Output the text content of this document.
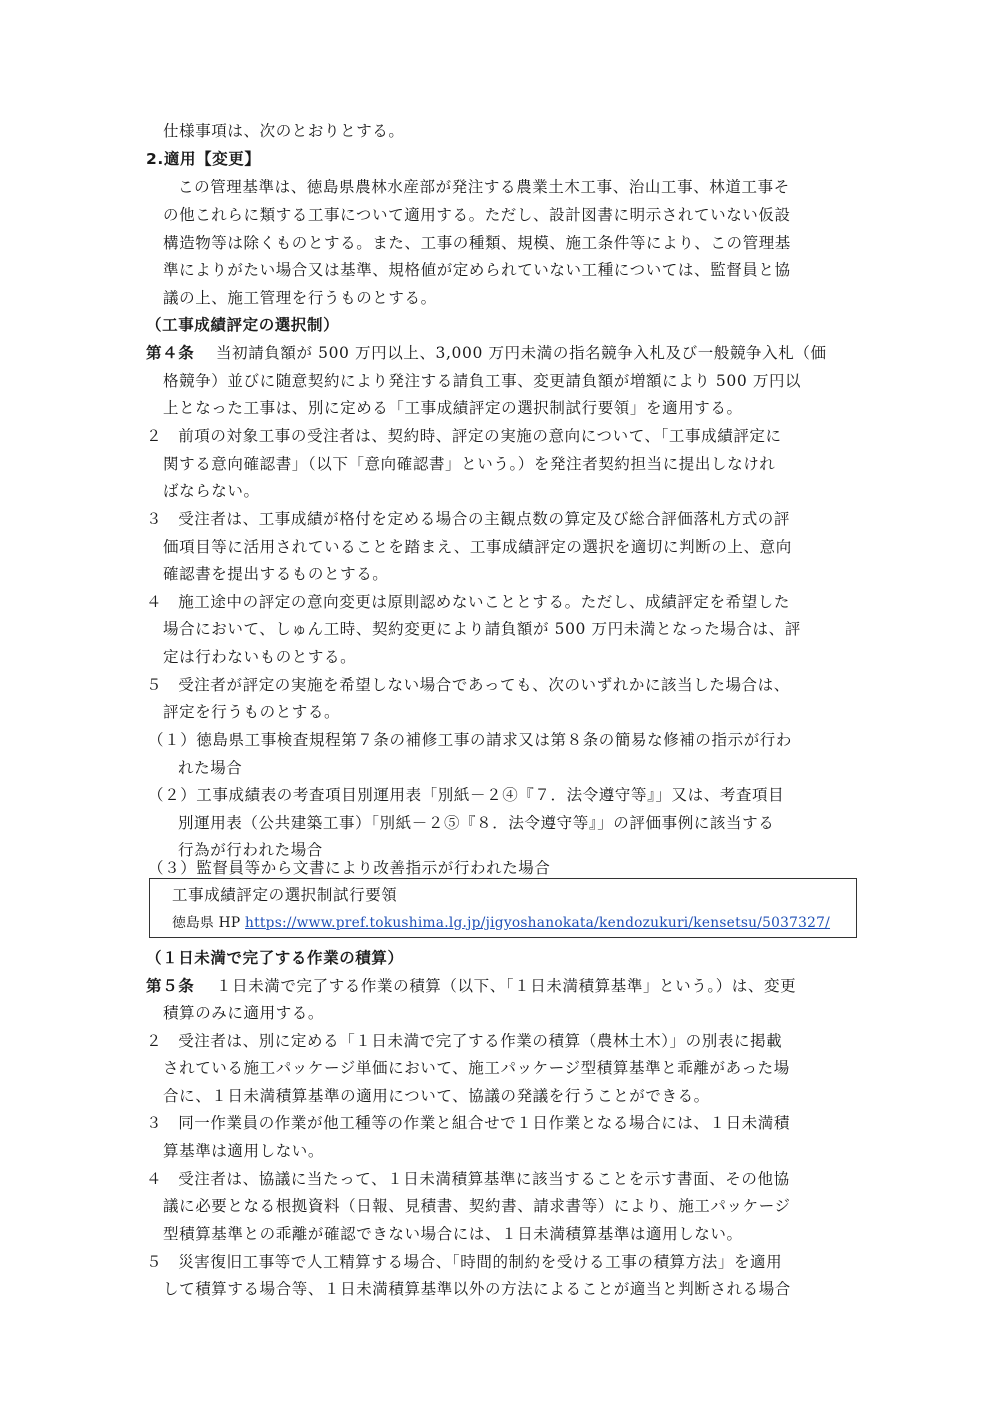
仕様事項は、次のとおりとする。
2.適用【変更】
この管理基準は、徳島県農林水産部が発注する農業土木工事、治山工事、林道工事そ
の他これらに類する工事について適用する。ただし、設計図書に明示されていない仮設
構造物等は除くものとする。また、工事の種類、規模、施工条件等により、この管理基
準によりがたい場合又は基準、規格値が定められていない工種については、監督員と協
議の上、施工管理を行うものとする。
（工事成績評定の選択制）
第４条 当初請負額が 500 万円以上、3,000 万円未満の指名競争入札及び一般競争入札（価
格競争）並びに随意契約により発注する請負工事、変更請負額が増額により 500 万円以
上となった工事は、別に定める「工事成績評定の選択制試行要領」を適用する。
２　前項の対象工事の受注者は、契約時、評定の実施の意向について、「工事成績評定に
関する意向確認書」（以下「意向確認書」という。）を発注者契約担当に提出しなけれ
ばならない。
３　受注者は、工事成績が格付を定める場合の主観点数の算定及び総合評価落札方式の評
価項目等に活用されていることを踏まえ、工事成績評定の選択を適切に判断の上、意向
確認書を提出するものとする。
４　施工途中の評定の意向変更は原則認めないこととする。ただし、成績評定を希望した
場合において、しゅん工時、契約変更により請負額が 500 万円未満となった場合は、評
定は行わないものとする。
５　受注者が評定の実施を希望しない場合であっても、次のいずれかに該当した場合は、
評定を行うものとする。
（１）徳島県工事検査規程第７条の補修工事の請求又は第８条の簡易な修補の指示が行わ
れた場合
（２）工事成績表の考査項目別運用表「別紙－２④『７．法令遵守等』」又は、考査項目
別運用表（公共建築工事）「別紙－２⑤『８．法令遵守等』」の評価事例に該当する
行為が行われた場合
（３）監督員等から文書により改善指示が行われた場合
工事成績評定の選択制試行要領
徳島県 HP https://www.pref.tokushima.lg.jp/jigyoshanokata/kendozukuri/kensetsu/5037327/
（１日未満で完了する作業の積算）
第５条 １日未満で完了する作業の積算（以下、「１日未満積算基準」という。）は、変更
積算のみに適用する。
２　受注者は、別に定める「１日未満で完了する作業の積算（農林土木）」の別表に掲載
されている施工パッケージ単価において、施工パッケージ型積算基準と乖離があった場
合に、１日未満積算基準の適用について、協議の発議を行うことができる。
３　同一作業員の作業が他工種等の作業と組合せで１日作業となる場合には、１日未満積
算基準は適用しない。
４　受注者は、協議に当たって、１日未満積算基準に該当することを示す書面、その他協
議に必要となる根拠資料（日報、見積書、契約書、請求書等）により、施工パッケージ
型積算基準との乖離が確認できない場合には、１日未満積算基準は適用しない。
５　災害復旧工事等で人工精算する場合、「時間的制約を受ける工事の積算方法」を適用
して積算する場合等、１日未満積算基準以外の方法によることが適当と判断される場合
